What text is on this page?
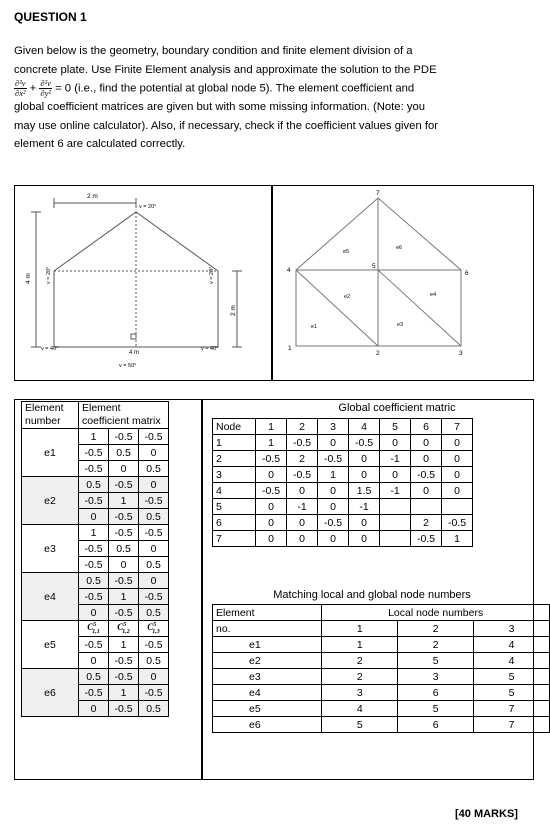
QUESTION 1
Given below is the geometry, boundary condition and finite element division of a
concrete plate. Use Finite Element analysis and approximate the solution to the PDE
$\frac{\text{∂²v}}{\text{∂x²}} + \frac{\text{∂²v}}{\text{∂y²}} = 0$ (i.e., find the potential at global node 5). The element coefficient and
global coefficient matrices are given but with some missing information. (Note: you
may use online calculator). Also, if necessary, check if the coefficient values given for
element 6 are calculated correctly.
2 m
v = 20°
4 m	v = 20°	v = 20°
2 m
v = 40°	v = 40°
4 m
v = 50°
1
2	3
4
5
6
7
e1
e2
e3
e4
e5
e6
Element
number	Element
coefficient matrix		
e1	1	-0.5	-0.5
	-0.5	0.5	0
	-0.5	0	0.5
e2	0.5	-0.5	0
	-0.5	1	-0.5
	0	-0.5	0.5
e3	1	-0.5	-0.5
	-0.5	0.5	0
	-0.5	0	0.5
e4	0.5	-0.5	0
	-0.5	1	-0.5
	0	-0.5	0.5
e5	$C^5_{1,1}$	$C^5_{1,2}$	$C^5_{1,3}$
	-0.5	1	-0.5
	0	-0.5	0.5
e6	0.5	-0.5	0
	-0.5	1	-0.5
	0	-0.5	0.5
Global coefficient matric
Node	1	2	3	4	5	6	7
1	1	-0.5	0	-0.5	0	0	0
2	-0.5	2	-0.5	0	-1	0	0
3	0	-0.5	1	0	0	-0.5	0
4	-0.5	0	0	1.5	-1	0	0
5	0	-1	0	-1			
6	0	0	-0.5	0		2	-0.5
7	0	0	0	0		-0.5	1
Matching local and global node numbers
Element	Local node numbers		
no.	1	2	3
e1	1	2	4
e2	2	5	4
e3	2	3	5
e4	3	6	5
e5	4	5	7
e6	5	6	7
[40 MARKS]
